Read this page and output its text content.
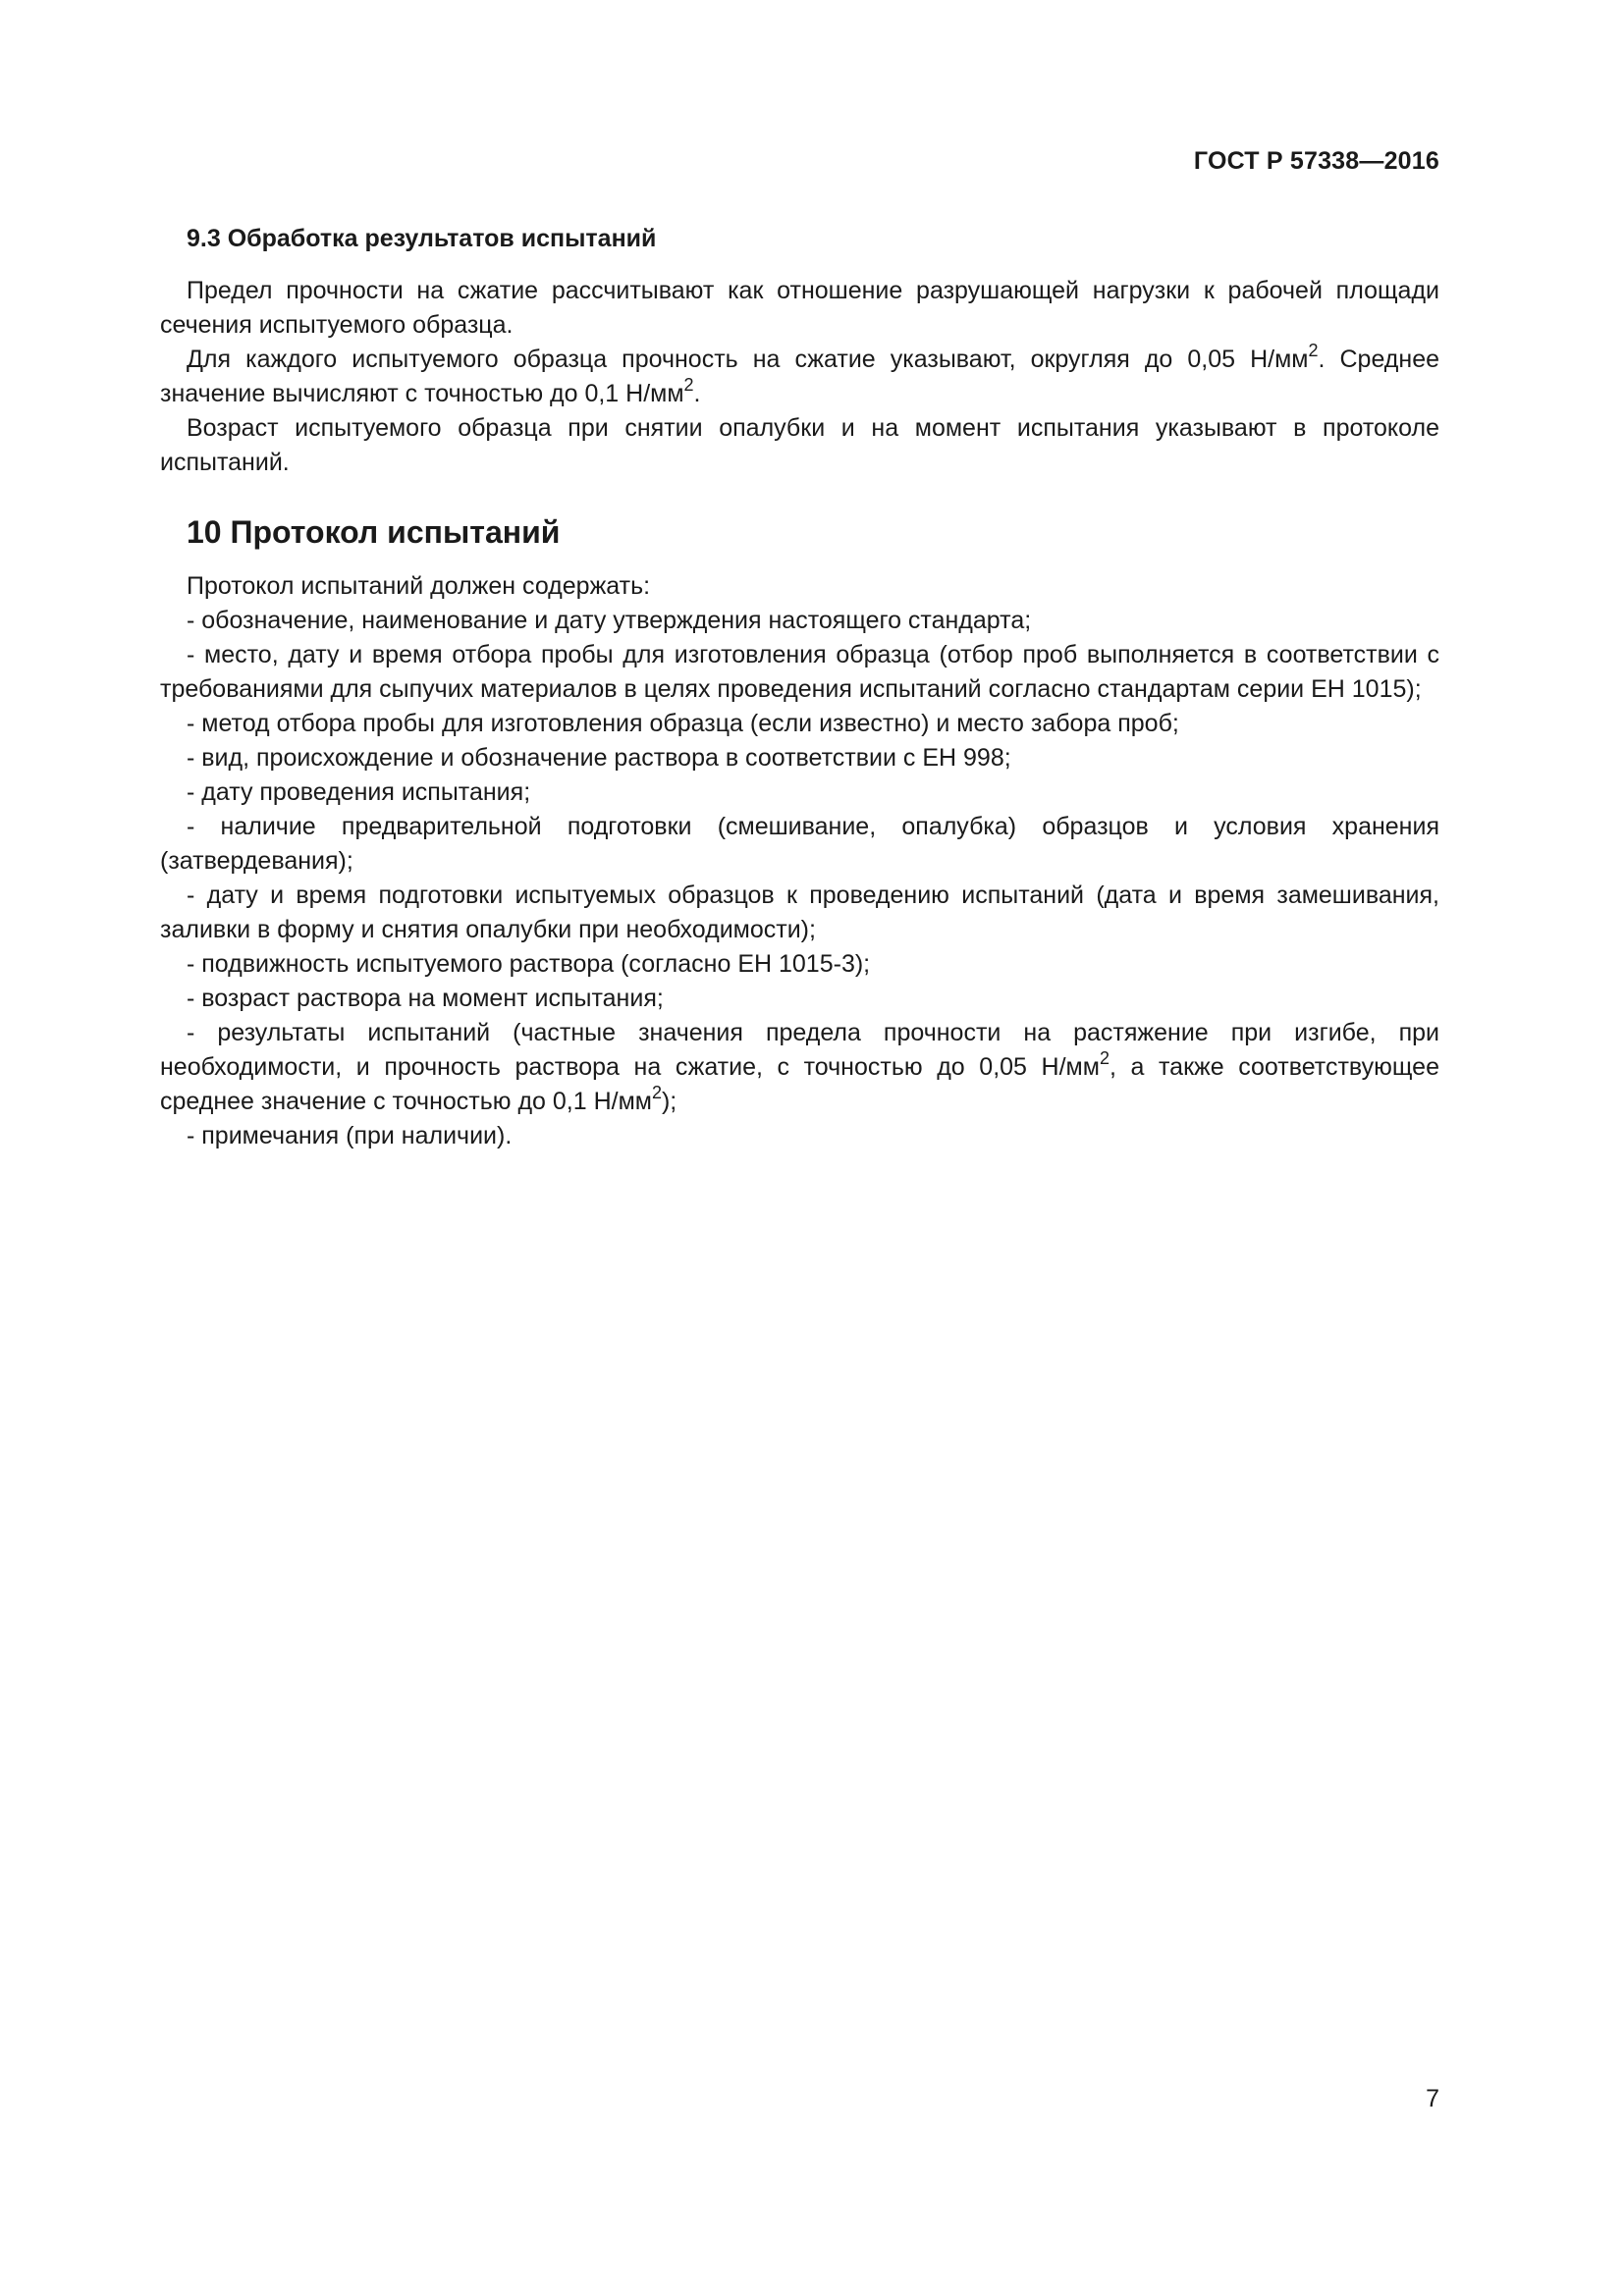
ГОСТ Р 57338—2016
9.3 Обработка результатов испытаний

Предел прочности на сжатие рассчитывают как отношение разрушающей нагрузки к рабочей площади сечения испытуемого образца.

Для каждого испытуемого образца прочность на сжатие указывают, округляя до 0,05 $Н/мм^2$. Среднее значение вычисляют с точностью до 0,1 $Н/мм^2$.

Возраст испытуемого образца при снятии опалубки и на момент испытания указывают в протоколе испытаний.

10 Протокол испытаний

Протокол испытаний должен содержать:

- обозначение, наименование и дату утверждения настоящего стандарта;

- место, дату и время отбора пробы для изготовления образца (отбор проб выполняется в соответствии с требованиями для сыпучих материалов в целях проведения испытаний согласно стандартам серии ЕН 1015);

- метод отбора пробы для изготовления образца (если известно) и место забора проб;

- вид, происхождение и обозначение раствора в соответствии с ЕН 998;

- дату проведения испытания;

- наличие предварительной подготовки (смешивание, опалубка) образцов и условия хранения (затвердевания);

- дату и время подготовки испытуемых образцов к проведению испытаний (дата и время замешивания, заливки в форму и снятия опалубки при необходимости);

- подвижность испытуемого раствора (согласно ЕН 1015-3);

- возраст раствора на момент испытания;

- результаты испытаний (частные значения предела прочности на растяжение при изгибе, при необходимости, и прочность раствора на сжатие, с точностью до 0,05 $Н/мм^2$, а также соответствующее среднее значение с точностью до 0,1 $Н/мм^2$);

- примечания (при наличии).

7
